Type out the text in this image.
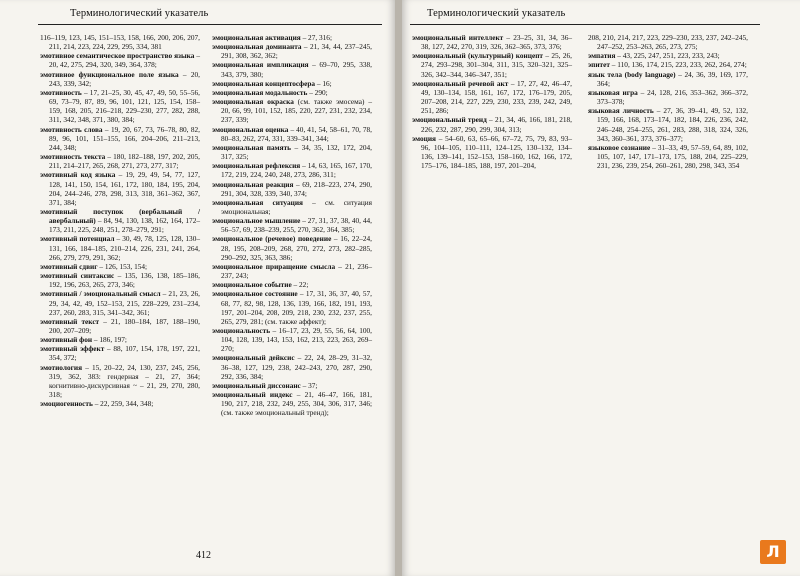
Терминологический указатель

116–119, 123, 145, 151–153, 158, 166, 200, 206, 207, 211, 214, 223, 224, 229, 295, 334, 381

эмотивное семантическое пространство языка – 20, 42, 275, 294, 320, 349, 364, 378;

эмотивное функциональное поле языка – 20, 243, 339, 342;

эмотивность – 17, 21–25, 30, 45, 47, 49, 50, 55–56, 69, 73–79, 87, 89, 96, 101, 121, 125, 154, 158–159, 168, 205, 216–218, 229–230, 277, 282, 288, 311, 342, 348, 371, 380, 384;

эмотивность слова – 19, 20, 67, 73, 76–78, 80, 82, 89, 96, 101, 151–155, 166, 204–206, 211–213, 244, 348;

эмотивность текста – 180, 182–188, 197, 202, 205, 211, 214–217, 265, 268, 271, 273, 277, 317;

эмотивный код языка – 19, 29, 49, 54, 77, 127, 128, 141, 150, 154, 161, 172, 180, 184, 195, 204, 204, 244–246, 278, 298, 313, 318, 361–362, 367, 371, 384;

эмотивный поступок (вербальный / авербальный) – 84, 94, 130, 138, 162, 164, 172–173, 211, 225, 248, 251, 278–279, 291;

эмотивный потенциал – 30, 49, 78, 125, 128, 130–131, 166, 184–185, 210–214, 226, 231, 241, 264, 266, 279, 279, 291, 362;

эмотивный сдвиг – 126, 153, 154;

эмотивный синтаксис – 135, 136, 138, 185–186, 192, 196, 263, 265, 273, 346;

эмотивный / эмоциональный смысл – 21, 23, 26, 29, 34, 42, 49, 152–153, 215, 228–229, 231–234, 237, 260, 283, 315, 341–342, 361;

эмотивный текст – 21, 180–184, 187, 188–190, 200, 207–209;

эмотивный фон – 186, 197;

эмотивный эффект – 88, 107, 154, 178, 197, 221, 354, 372;

эмотиология – 15, 20–22, 24, 130, 237, 245, 256, 319, 362, 383: гендерная – 21, 27, 364; когнитивно-дискурсивная ~ – 21, 29, 270, 280, 318;

эмоциогенность – 22, 259, 344, 348;

эмоциональная активация – 27, 316;

эмоциональная доминанта – 21, 34, 44, 237–245, 291, 308, 362, 362;

эмоциональная импликация – 69–70, 295, 338, 343, 379, 380;

эмоциональная концептосфера – 16;

эмоциональная модальность – 290;

эмоциональная окраска (см. также эмосема) – 20, 66, 99, 101, 152, 185, 220, 227, 231, 232, 234, 237, 339;

эмоциональная оценка – 40, 41, 54, 58–61, 70, 78, 80–83, 262, 274, 331, 339–341, 344;

эмоциональная память – 34, 35, 132, 172, 204, 317, 325;

эмоциональная рефлексия – 14, 63, 165, 167, 170, 172, 219, 224, 240, 248, 273, 286, 311;

эмоциональная реакция – 69, 218–223, 274, 290, 291, 304, 328, 339, 340, 374;

эмоциональная ситуация – см. ситуация эмоциональная;

эмоциональное мышление – 27, 31, 37, 38, 40, 44, 56–57, 69, 238–239, 255, 270, 362, 364, 385;

эмоциональное (речевое) поведение – 16, 22–24, 28, 195, 208–209, 268, 270, 272, 273, 282–285, 290–292, 325, 363, 386;

эмоциональное приращение смысла – 21, 236–237, 243;

эмоциональное событие – 22;

эмоциональное состояние – 17, 31, 36, 37, 40, 57, 68, 77, 82, 98, 128, 136, 139, 166, 182, 191, 193, 197, 201–204, 208, 209, 218, 230, 232, 237, 255, 265, 279, 281; (см. также аффект);

эмоциональность – 16–17, 23, 29, 55, 56, 64, 100, 104, 128, 139, 143, 153, 162, 213, 223, 263, 269–270;

эмоциональный дейксис – 22, 24, 28–29, 31–32, 36–38, 127, 129, 238, 242–243, 270, 287, 290, 292, 336, 384;

эмоциональный диссонанс – 37;

эмоциональный индекс – 21, 46–47, 166, 181, 190, 217, 218, 232, 249, 255, 304, 306, 317, 346; (см. также эмоциональный тренд);

412
Терминологический указатель

эмоциональный интеллект – 23–25, 31, 34, 36–38, 127, 242, 270, 319, 326, 362–365, 373, 376;

эмоциональный (культурный) концепт – 25, 26, 274, 293–298, 301–304, 311, 315, 320–321, 325–326, 342–344, 346–347, 351;

эмоциональный речевой акт – 17, 27, 42, 46–47, 49, 130–134, 158, 161, 167, 172, 176–179, 205, 207–208, 214, 227, 229, 230, 233, 239, 242, 249, 251, 286;

эмоциональный тренд – 21, 34, 46, 166, 181, 218, 226, 232, 287, 290, 299, 304, 313;

эмоция – 54–60, 63, 65–66, 67–72, 75, 79, 83, 93–96, 104–105, 110–111, 124–125, 130–132, 134–136, 139–141, 152–153, 158–160, 162, 166, 172, 175–176, 184–185, 188, 197, 201–204,

208, 210, 214, 217, 223, 229–230, 233, 237, 242–245, 247–252, 253–263, 265, 273, 275;

эмпатия – 43, 225, 247, 251, 223, 233, 243;

эпитет – 110, 136, 174, 215, 223, 233, 262, 264, 274;

язык тела (body language) – 24, 36, 39, 169, 177, 364;

языковая игра – 24, 128, 216, 353–362, 366–372, 373–378;

языковая личность – 27, 36, 39–41, 49, 52, 132, 159, 166, 168, 173–174, 182, 184, 226, 236, 242, 246–248, 254–255, 261, 283, 288, 318, 324, 326, 343, 360–361, 373, 376–377;

языковое сознание – 31–33, 49, 57–59, 64, 89, 102, 105, 107, 147, 171–173, 175, 188, 204, 225–229, 231, 236, 239, 254, 260–261, 280, 298, 343, 354

Л
